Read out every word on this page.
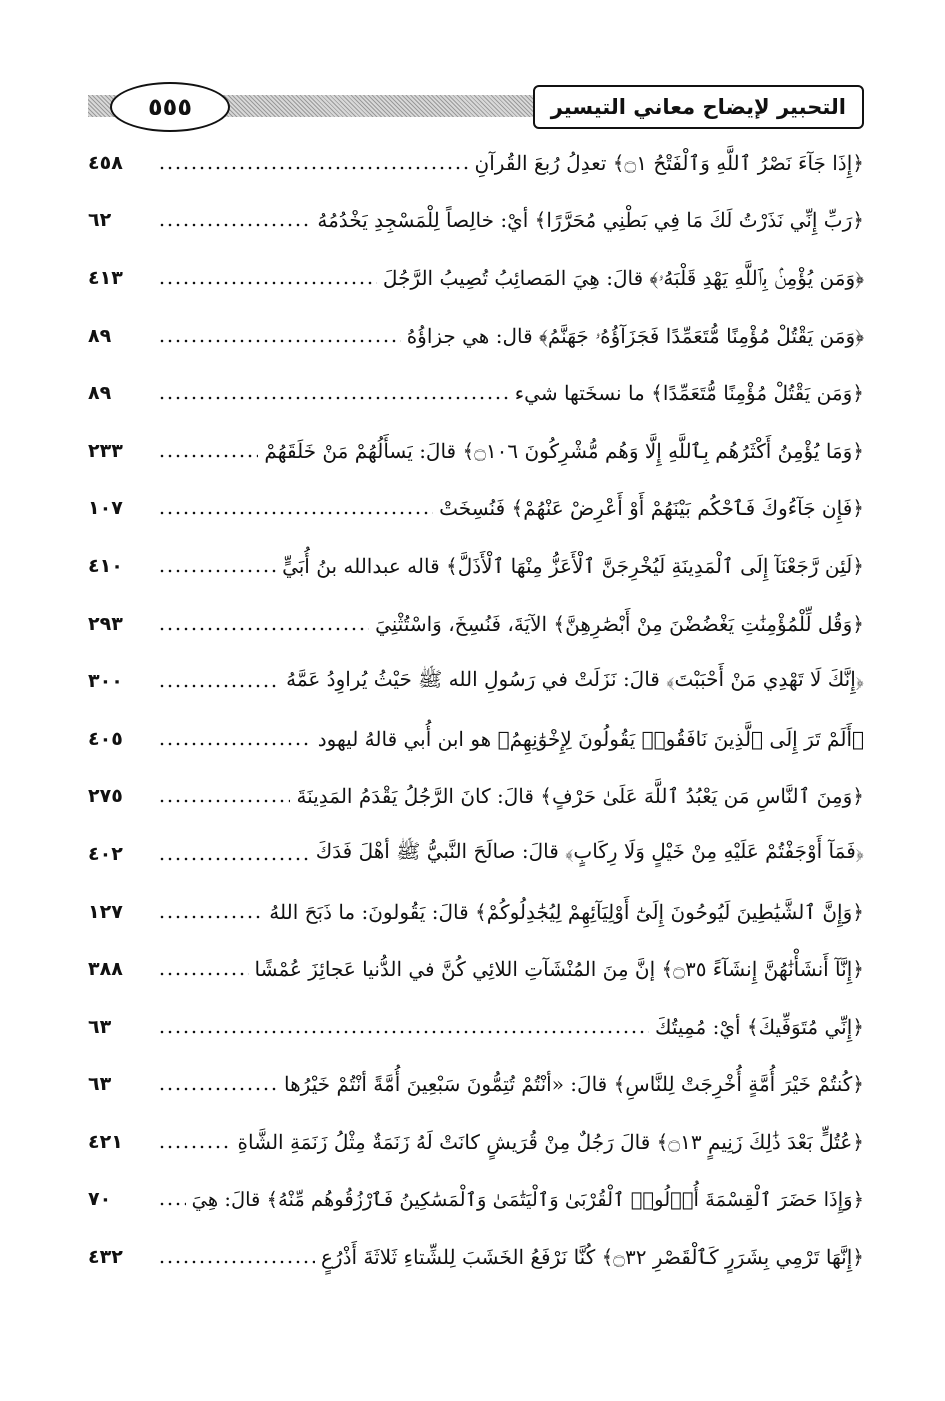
٥٥٥	التحبير لإيضاح معاني التيسير
﴿إِذَا جَآءَ نَصْرُ ٱللَّهِ وَٱلْفَتْحُ ۝١﴾ تعدِلُ رُبعَ القُرآنِ
٤٥٨
﴿رَبِّ إِنِّي نَذَرْتُ لَكَ مَا فِي بَطْنِي مُحَرَّرًا﴾ أيْ: خالِصاً لِلْمَسْجِدِ يَخْدُمُهُ
٦٢
﴿وَمَن يُؤْمِنۢ بِٱللَّهِ يَهْدِ قَلْبَهُۥ﴾ قالَ: هِيَ المَصائِبُ تُصِيبُ الرَّجُلَ
٤١٣
﴿وَمَن يَقْتُلْ مُؤْمِنًا مُّتَعَمِّدًا فَجَزَآؤُهُۥ جَهَنَّمُ﴾ قال: هي جزاؤُهُ
٨٩
﴿وَمَن يَقْتُلْ مُؤْمِنًا مُّتَعَمِّدًا﴾ ما نسخَتها شيء
٨٩
﴿وَمَا يُؤْمِنُ أَكْثَرُهُم بِٱللَّهِ إِلَّا وَهُم مُّشْرِكُونَ ۝١٠٦﴾ قالَ: يَسأَلُهُمْ مَنْ خَلَقَهُمْ
٢٣٣
﴿فَإِن جَآءُوكَ فَٱحْكُم بَيْنَهُمْ أَوْ أَعْرِضْ عَنْهُمْ﴾ فَنُسِخَتْ
١٠٧
﴿لَئِن رَّجَعْنَآ إِلَى ٱلْمَدِينَةِ لَيُخْرِجَنَّ ٱلْأَعَزُّ مِنْهَا ٱلْأَذَلَّ﴾ قاله عبدالله بنُ أُبَيٍّ
٤١٠
﴿وَقُل لِّلْمُؤْمِنَٰتِ يَغْضُضْنَ مِنْ أَبْصَٰرِهِنَّ﴾ الآيَةَ، فَنُسِخَ، وَاسْتُثْنِيَ
٢٩٣
﴿إِنَّكَ لَا تَهْدِي مَنْ أَحْبَبْتَ﴾ قالَ: نَزَلَتْ في رَسُولِ الله ﷺ حَيْثُ يُراوِدُ عَمَّهُ
٣٠٠
﴿أَلَمْ تَرَ إِلَى ٱلَّذِينَ نَافَقُوا۟ يَقُولُونَ لِإِخْوَٰنِهِمُ﴾ هو ابن أُبي قالهُ ليهود
٤٠٥
﴿وَمِنَ ٱلنَّاسِ مَن يَعْبُدُ ٱللَّهَ عَلَىٰ حَرْفٍ﴾ قالَ: كانَ الرَّجُلُ يَقْدَمُ المَدِينَةَ
٢٧٥
﴿فَمَآ أَوْجَفْتُمْ عَلَيْهِ مِنْ خَيْلٍ وَلَا رِكَابٍ﴾ قالَ: صالَحَ النَّبيُّ ﷺ أهْلَ فَدَكَ
٤٠٢
﴿وَإِنَّ ٱلشَّيَٰطِينَ لَيُوحُونَ إِلَىٰٓ أَوْلِيَآئِهِمْ لِيُجَٰدِلُوكُمْ﴾ قالَ: يَقُولونَ: ما ذَبَحَ اللهُ
١٢٧
﴿إِنَّآ أَنشَأْنَٰهُنَّ إِنشَآءً ۝٣٥﴾ إنَّ مِنَ المُنْشَآتِ اللائِي كُنَّ في الدُّنيا عَجائِزَ عُمْشًا
٣٨٨
﴿إِنِّي مُتَوَفِّيكَ﴾ أيْ: مُمِيتُكَ
٦٣
﴿كُنتُمْ خَيْرَ أُمَّةٍ أُخْرِجَتْ لِلنَّاسِ﴾ قالَ: «أنْتُمْ تُتِمُّونَ سَبْعِينَ أُمَّةً أنْتُمْ خَيْرُها
٦٣
﴿عُتُلٍّ بَعْدَ ذَٰلِكَ زَنِيمٍ ۝١٣﴾ قالَ رَجُلٌ مِنْ قُرَيشٍ كانَتْ لَهُ زَنَمَةٌ مِثْلُ زَنَمَةِ الشَّاةِ
٤٢١
﴿وَإِذَا حَضَرَ ٱلْقِسْمَةَ أُو۟لُوا۟ ٱلْقُرْبَىٰ وَٱلْيَتَٰمَىٰ وَٱلْمَسَٰكِينُ فَٱرْزُقُوهُم مِّنْهُ﴾ قالَ: هِيَ
٧٠
﴿إِنَّهَا تَرْمِي بِشَرَرٍ كَٱلْقَصْرِ ۝٣٢﴾ كُنَّا نَرْفَعُ الخَشَبَ لِلشِّتاءِ ثَلاثَةَ أَذْرُعٍ
٤٣٢
